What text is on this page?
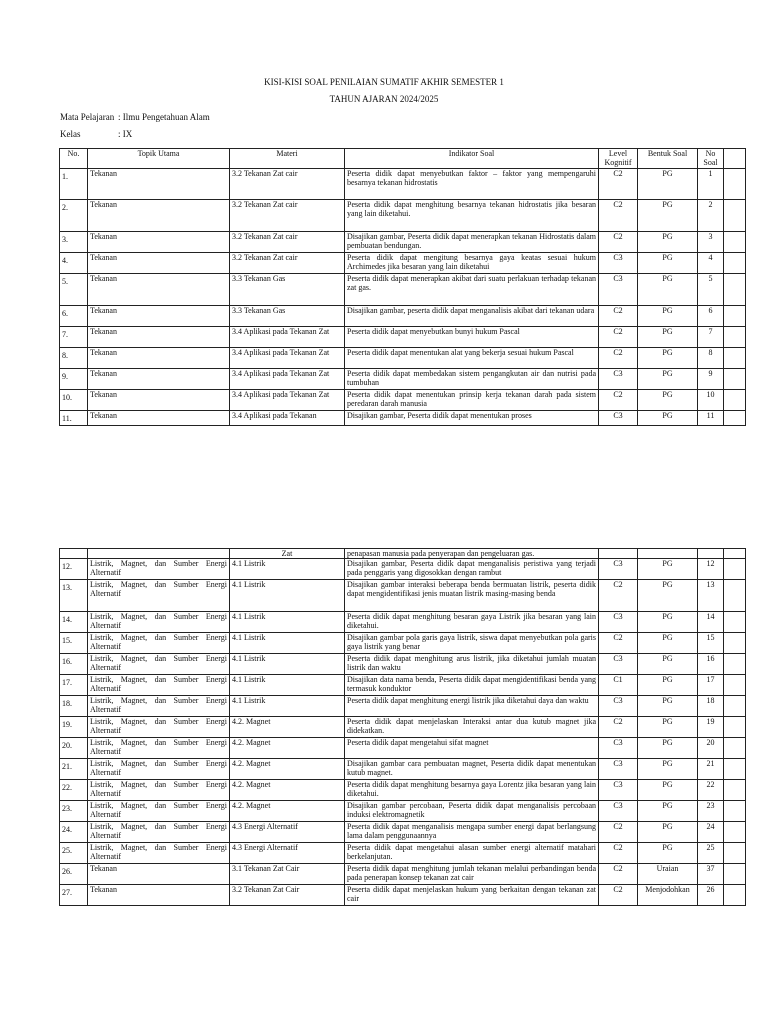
KISI-KISI SOAL PENILAIAN SUMATIF AKHIR SEMESTER 1
TAHUN AJARAN 2024/2025
Mata Pelajaran : Ilmu Pengetahuan Alam
Kelas	: IX
No.	Topik Utama	Materi	Indikator Soal	Level Kognitif	Bentuk Soal	No Soal	
1.	Tekanan	3.2 Tekanan Zat cair	Peserta didik dapat menyebutkan faktor – faktor yang mempengaruhi besarnya tekanan hidrostatis	C2	PG	1	
2.	Tekanan	3.2 Tekanan Zat cair	Peserta didik dapat menghitung besarnya tekanan hidrostatis jika besaran yang lain diketahui.	C2	PG	2	
3.	Tekanan	3.2 Tekanan Zat cair	Disajikan gambar, Peserta didik dapat menerapkan tekanan Hidrostatis dalam pembuatan bendungan.	C2	PG	3	
4.	Tekanan	3.2 Tekanan Zat cair	Peserta didik dapat mengitung besarnya gaya keatas sesuai hukum Archimedes jika besaran yang lain diketahui	C3	PG	4	
5.	Tekanan	3.3 Tekanan Gas	Peserta didik dapat menerapkan akibat dari suatu perlakuan terhadap tekanan zat gas.	C3	PG	5	
6.	Tekanan	3.3 Tekanan Gas	Disajikan gambar, peserta didik dapat menganalisis akibat dari tekanan udara	C2	PG	6	
7.	Tekanan	3.4 Aplikasi pada Tekanan Zat	Peserta didik dapat menyebutkan bunyi hukum Pascal	C2	PG	7	
8.	Tekanan	3.4 Aplikasi pada Tekanan Zat	Peserta didik dapat menentukan alat yang bekerja sesuai hukum Pascal	C2	PG	8	
9.	Tekanan	3.4 Aplikasi pada Tekanan Zat	Peserta didik dapat membedakan sistem pengangkutan air dan nutrisi pada tumbuhan	C3	PG	9	
10.	Tekanan	3.4 Aplikasi pada Tekanan Zat	Peserta didik dapat menentukan prinsip kerja tekanan darah pada sistem peredaran darah manusia	C2	PG	10	
11.	Tekanan	3.4 Aplikasi pada Tekanan	Disajikan gambar, Peserta didik dapat menentukan proses	C3	PG	11	
		Zat	penapasan manusia pada penyerapan dan pengeluaran gas.				
12.	Listrik, Magnet, dan Sumber Energi Alternatif	4.1 Listrik	Disajikan gambar, Peserta didik dapat menganalisis peristiwa yang terjadi pada penggaris yang digosokkan dengan rambut	C3	PG	12	
13.	Listrik, Magnet, dan Sumber Energi Alternatif	4.1 Listrik	Disajikan gambar interaksi beberapa benda bermuatan listrik, peserta didik dapat mengidentifikasi jenis muatan listrik masing-masing benda	C2	PG	13	
14.	Listrik, Magnet, dan Sumber Energi Alternatif	4.1 Listrik	Peserta didik dapat menghitung besaran gaya Listrik jika besaran yang lain diketahui.	C3	PG	14	
15.	Listrik, Magnet, dan Sumber Energi Alternatif	4.1 Listrik	Disajikan gambar pola garis gaya listrik, siswa dapat menyebutkan pola garis gaya listrik yang benar	C2	PG	15	
16.	Listrik, Magnet, dan Sumber Energi Alternatif	4.1 Listrik	Peserta didik dapat menghitung arus listrik, jika diketahui jumlah muatan listrik dan waktu	C3	PG	16	
17.	Listrik, Magnet, dan Sumber Energi Alternatif	4.1 Listrik	Disajikan data nama benda, Peserta didik dapat mengidentifikasi benda yang termasuk konduktor	C1	PG	17	
18.	Listrik, Magnet, dan Sumber Energi Alternatif	4.1 Listrik	Peserta didik dapat menghitung energi listrik jika diketahui daya dan waktu	C3	PG	18	
19.	Listrik, Magnet, dan Sumber Energi Alternatif	4.2. Magnet	Peserta didik dapat menjelaskan Interaksi antar dua kutub magnet jika didekatkan.	C2	PG	19	
20.	Listrik, Magnet, dan Sumber Energi Alternatif	4.2. Magnet	Peserta didik dapat mengetahui sifat magnet	C3	PG	20	
21.	Listrik, Magnet, dan Sumber Energi Alternatif	4.2. Magnet	Disajikan gambar cara pembuatan magnet, Peserta didik dapat menentukan kutub magnet.	C3	PG	21	
22.	Listrik, Magnet, dan Sumber Energi Alternatif	4.2. Magnet	Peserta didik dapat menghitung besarnya gaya Lorentz jika besaran yang lain diketahui.	C3	PG	22	
23.	Listrik, Magnet, dan Sumber Energi Alternatif	4.2. Magnet	Disajikan gambar percobaan, Peserta didik dapat menganalisis percobaan induksi elektromagnetik	C3	PG	23	
24.	Listrik, Magnet, dan Sumber Energi Alternatif	4.3 Energi Alternatif	Peserta didik dapat menganalisis mengapa sumber energi dapat berlangsung lama dalam penggunaannya	C2	PG	24	
25.	Listrik, Magnet, dan Sumber Energi Alternatif	4.3 Energi Alternatif	Peserta didik dapat mengetahui alasan sumber energi alternatif matahari berkelanjutan.	C2	PG	25	
26.	Tekanan	3.1 Tekanan Zat Cair	Peserta didik dapat menghitung jumlah tekanan melalui perbandingan benda pada penerapan konsep tekanan zat cair	C2	Uraian	37	
27.	Tekanan	3.2 Tekanan Zat Cair	Peserta didik dapat menjelaskan hukum yang berkaitan dengan tekanan zat cair	C2	Menjodohkan	26	
